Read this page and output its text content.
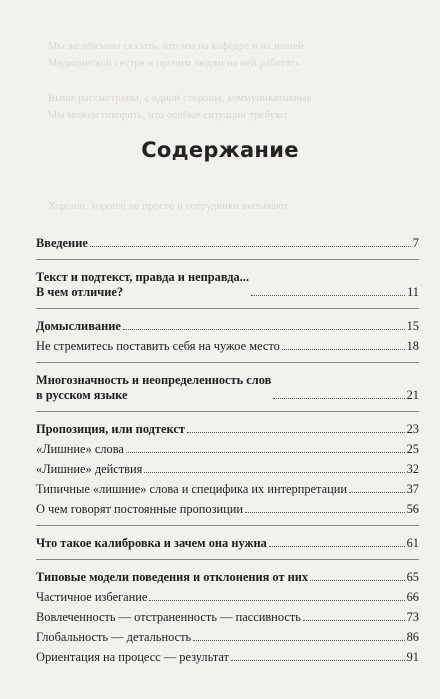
Мы же обязаны сказать, что мы на кафедре и на нашей
Медицинской сестре и прочим людям на ней работать
Выше рассмотрены, с одной стороны, коммуникативные
Мы можем говорить, что особые ситуации требуют
Хорошо, хорошо не просто и сотрудники вызывают
Содержание
Введение	7
Текст и подтекст, правда и неправда...
В чем отличие?	11
Домысливание	15
Не стремитесь поставить себя на чужое место	18
Многозначность и неопределенность слов
в русском языке	21
Пропозиция, или подтекст	23
«Лишние» слова	25
«Лишние» действия	32
Типичные «лишние» слова и специфика их интерпретации	37
О чем говорят постоянные пропозиции	56
Что такое калибровка и зачем она нужна	61
Типовые модели поведения и отклонения от них	65
Частичное избегание	66
Вовлеченность — отстраненность — пассивность	73
Глобальность — детальность	86
Ориентация на процесс — результат	91
